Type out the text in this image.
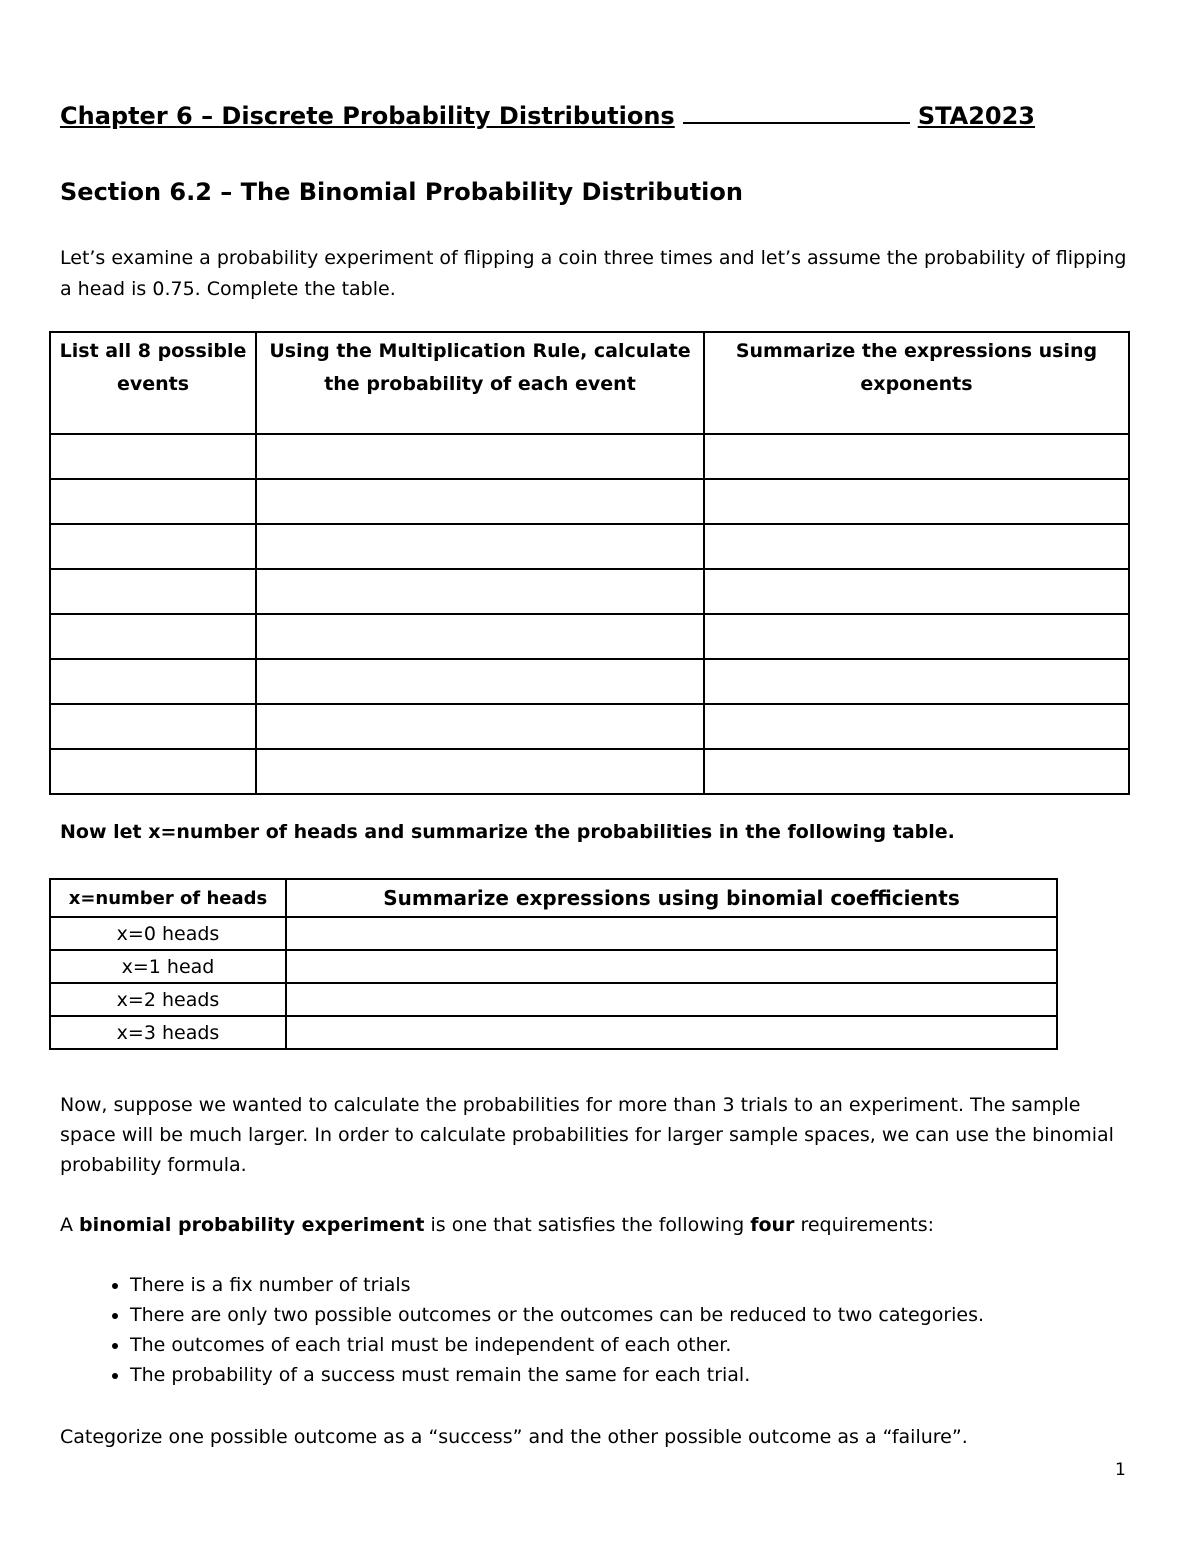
Chapter 6 – Discrete Probability Distributions	STA2023
Section 6.2 – The Binomial Probability Distribution
Let’s examine a probability experiment of flipping a coin three times and let’s assume the probability of flipping a head is 0.75. Complete the table.
List all 8 possible events	Using the Multiplication Rule, calculate the probability of each event	Summarize the expressions using exponents

Now let x=number of heads and summarize the probabilities in the following table.
x=number of heads	Summarize expressions using binomial coefficients
x=0 heads	
x=1 head	
x=2 heads	
x=3 heads	
Now, suppose we wanted to calculate the probabilities for more than 3 trials to an experiment. The sample space will be much larger. In order to calculate probabilities for larger sample spaces, we can use the binomial probability formula.
A binomial probability experiment is one that satisfies the following four requirements:
• There is a fix number of trials
• There are only two possible outcomes or the outcomes can be reduced to two categories.
• The outcomes of each trial must be independent of each other.
• The probability of a success must remain the same for each trial.
Categorize one possible outcome as a “success” and the other possible outcome as a “failure”.
1
